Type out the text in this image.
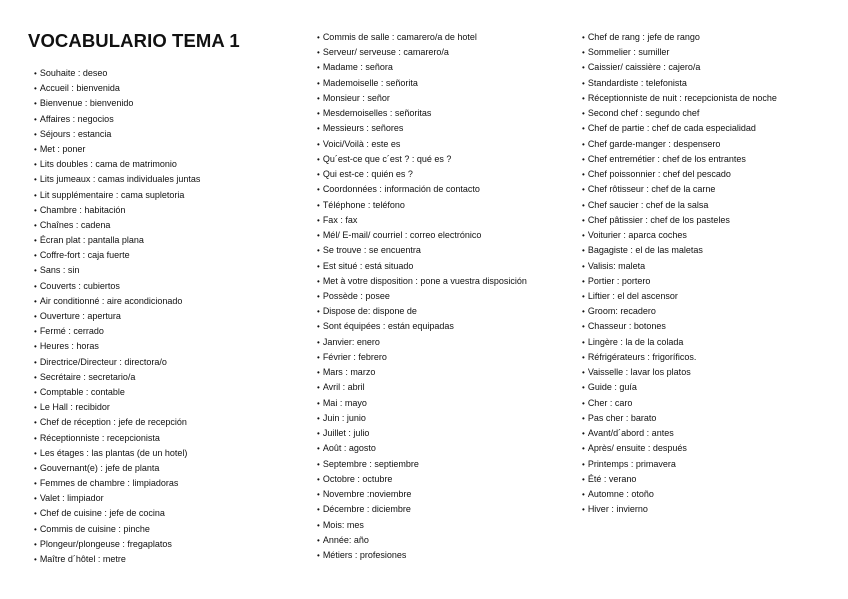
VOCABULARIO TEMA 1
• Souhaite : deseo
• Accueil : bienvenida
• Bienvenue : bienvenido
• Affaires : negocios
• Séjours : estancia
• Met : poner
• Lits doubles : cama de matrimonio
• Lits jumeaux : camas individuales juntas
• Lit supplémentaire : cama supletoria
• Chambre : habitación
• Chaînes : cadena
• Écran plat : pantalla plana
• Coffre-fort : caja fuerte
• Sans : sin
• Couverts : cubiertos
• Air conditionné : aire acondicionado
• Ouverture : apertura
• Fermé : cerrado
• Heures : horas
• Directrice/Directeur : directora/o
• Secrétaire : secretario/a
• Comptable : contable
• Le Hall : recibidor
• Chef de réception : jefe de recepción
• Réceptionniste : recepcionista
• Les étages : las plantas (de un hotel)
• Gouvernant(e) : jefe de planta
• Femmes de chambre : limpiadoras
• Valet : limpiador
• Chef de cuisine : jefe de cocina
• Commis de cuisine : pinche
• Plongeur/plongeuse : fregaplatos
• Maître d´hôtel : metre
• Commis de salle : camarero/a de hotel
• Serveur/ serveuse : camarero/a
• Madame : señora
• Mademoiselle : señorita
• Monsieur : señor
• Mesdemoiselles : señoritas
• Messieurs : señores
• Voici/Voilà : este es
• Qu´est-ce que c´est ? : qué es ?
• Qui est-ce : quién es ?
• Coordonnées : información de contacto
• Téléphone : teléfono
• Fax : fax
• Mél/ E-mail/ courriel : correo electrónico
• Se trouve : se encuentra
• Est situé : está situado
• Met à votre disposition : pone a vuestra disposición
• Possède : posee
• Dispose de: dispone de
• Sont équipées : están equipadas
• Janvier: enero
• Février : febrero
• Mars : marzo
• Avril : abril
• Mai : mayo
• Juin : junio
• Juillet : julio
• Août : agosto
• Septembre : septiembre
• Octobre : octubre
• Novembre :noviembre
• Décembre : diciembre
• Mois: mes
• Année: año
• Métiers : profesiones
• Chef de rang : jefe de rango
• Sommelier : sumiller
• Caissier/ caissière : cajero/a
• Standardiste : telefonista
• Réceptionniste de nuit : recepcionista de noche
• Second chef : segundo chef
• Chef de partie : chef de cada especialidad
• Chef garde-manger : despensero
• Chef entremétier : chef de los entrantes
• Chef poissonnier : chef del pescado
• Chef rôtisseur : chef de la carne
• Chef saucier : chef de la salsa
• Chef pâtissier : chef de los pasteles
• Voiturier : aparca coches
• Bagagiste : el de las maletas
• Valisis: maleta
• Portier : portero
• Liftier : el del ascensor
• Groom: recadero
• Chasseur : botones
• Lingère : la de la colada
• Réfrigérateurs : frigoríficos.
• Vaisselle : lavar los platos
• Guide : guía
• Cher : caro
• Pas cher : barato
• Avant/d´abord : antes
• Après/ ensuite : después
• Printemps : primavera
• Été : verano
• Automne : otoño
• Hiver : invierno
